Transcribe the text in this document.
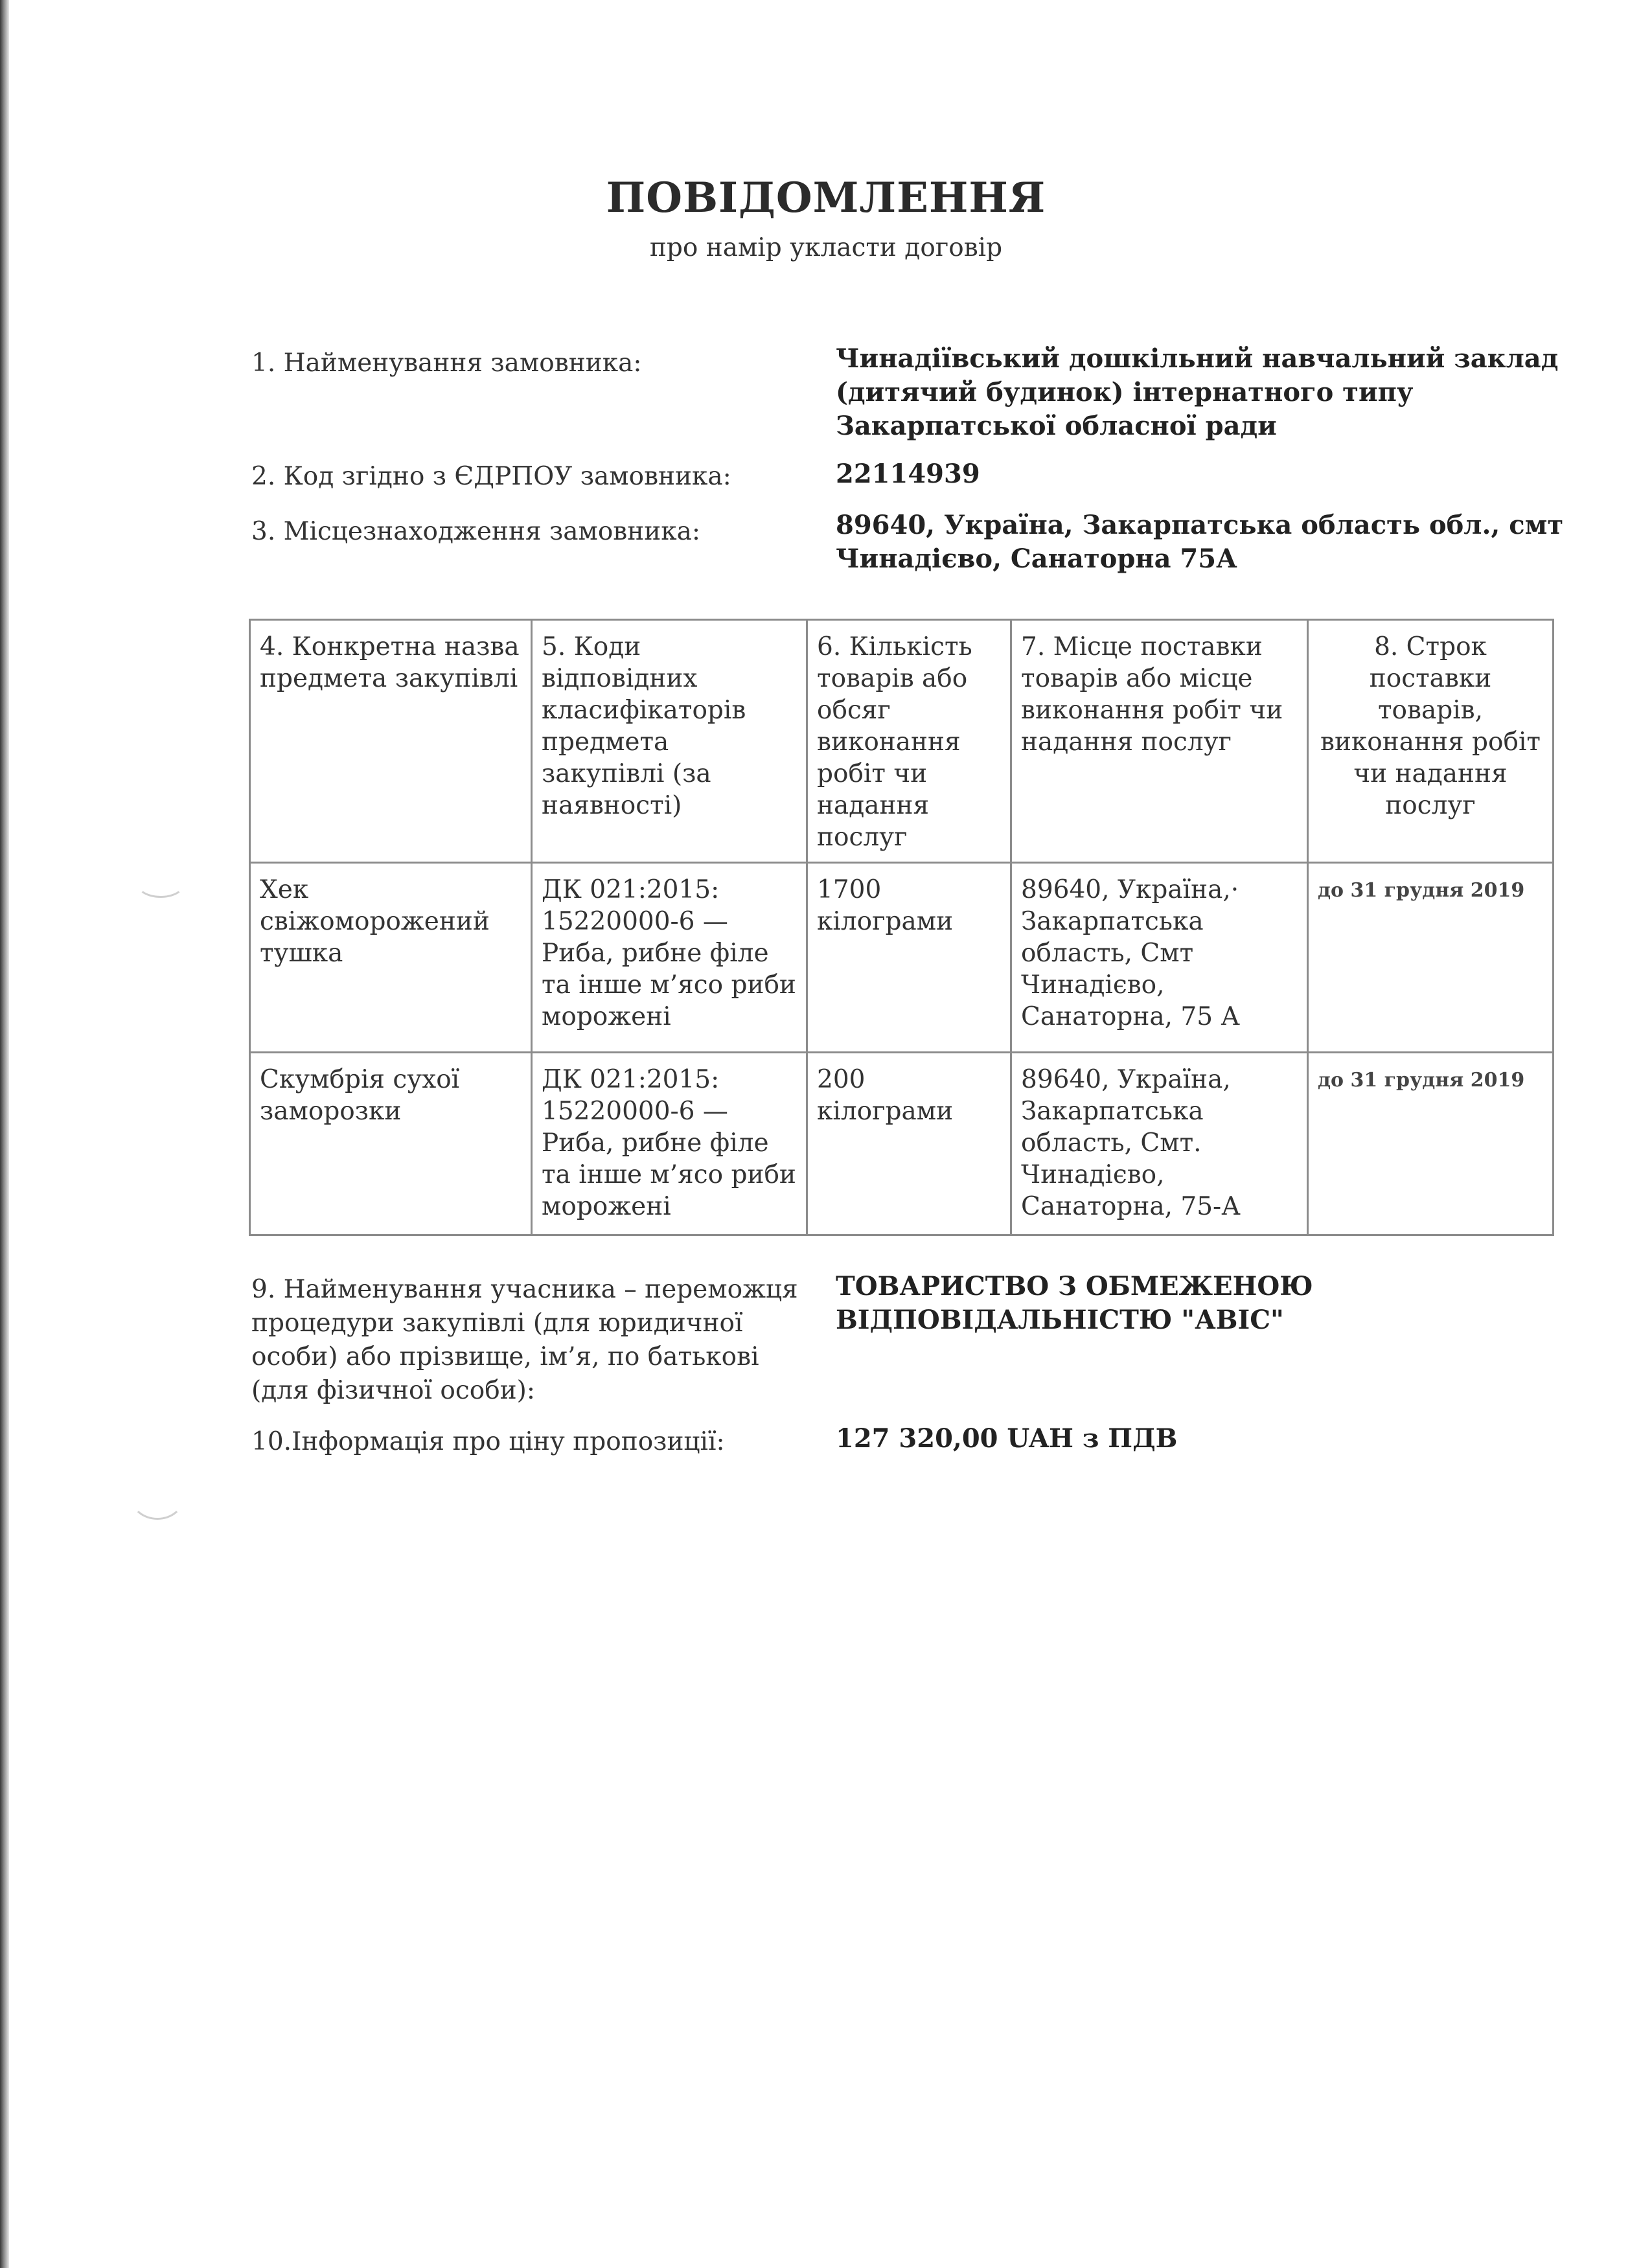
ПОВІДОМЛЕННЯ
про намір укласти договір
1. Найменування замовника:	Чинадіївський дошкільний навчальний заклад (дитячий будинок) інтернатного типу Закарпатської обласної ради
2. Код згідно з ЄДРПОУ замовника:	22114939
3. Місцезнаходження замовника:	89640, Україна, Закарпатська область обл., смт Чинадієво, Санаторна 75А
4. Конкретна назва предмета закупівлі	5. Коди відповідних класифікаторів предмета закупівлі (за наявності)	6. Кількість товарів або обсяг виконання робіт чи надання послуг	7. Місце поставки товарів або місце виконання робіт чи надання послуг	8. Строк поставки товарів, виконання робіт чи надання послуг
Хек свіжоморожений тушка	ДК 021:2015: 15220000-6 — Риба, рибне філе та інше м’ясо риби морожені	1700 кілограми	89640, Україна,· Закарпатська область, Смт Чинадієво, Санаторна, 75 А	до 31 грудня 2019
Скумбрія сухої заморозки	ДК 021:2015: 15220000-6 — Риба, рибне філе та інше м’ясо риби морожені	200 кілограми	89640, Україна, Закарпатська область, Смт. Чинадієво, Санаторна, 75-А	до 31 грудня 2019
9. Найменування учасника – переможця процедури закупівлі (для юридичної особи) або прізвище, ім’я, по батькові (для фізичної особи):
ТОВАРИСТВО З ОБМЕЖЕНОЮ ВІДПОВІДАЛЬНІСТЮ "АВІС"
10.Інформація про ціну пропозиції:	127 320,00 UAH з ПДВ
